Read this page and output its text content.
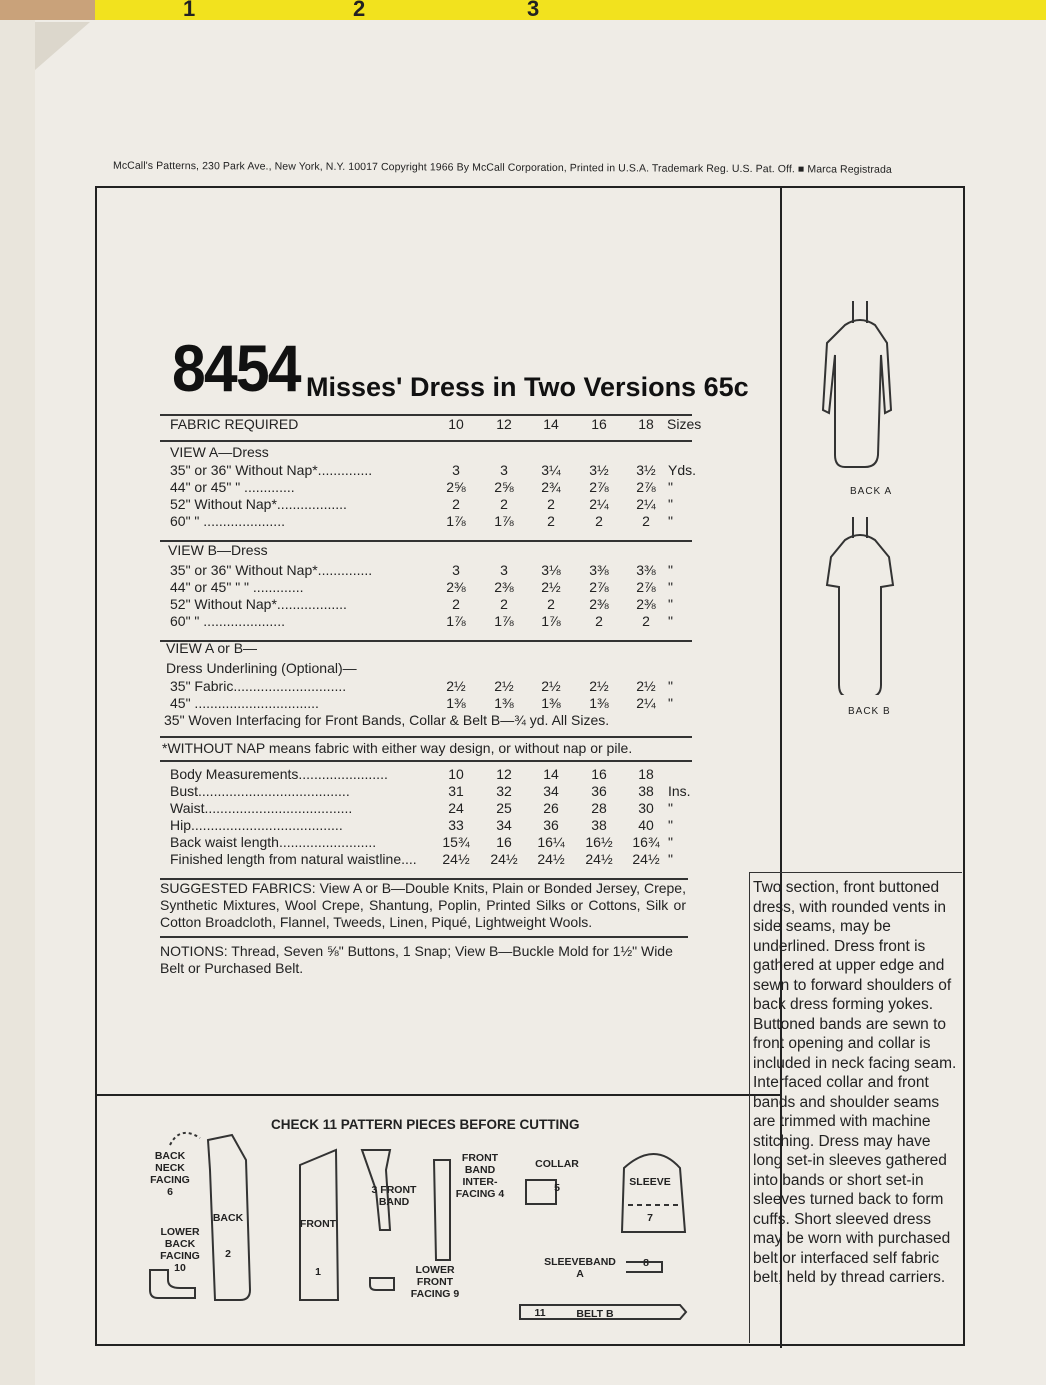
1	2	3
McCall's Patterns, 230 Park Ave., New York, N.Y. 10017 Copyright 1966 By McCall Corporation, Printed in U.S.A. Trademark Reg. U.S. Pat. Off. ■ Marca Registrada
8454 Misses' Dress in Two Versions 65c
FABRIC REQUIRED	10	12	14	16	18 Sizes
VIEW A—Dress
35" or 36" Without Nap*..............	3	3	3¼	3½	3½ Yds.
44" or 45" " .............	2⅝	2⅝	2¾	2⅞	2⅞ "
52" Without Nap*..................	2	2	2	2¼	2¼ "
60" " .....................	1⅞	1⅞	2	2	2	"
VIEW B—Dress
35" or 36" Without Nap*..............	3	3	3⅛	3⅜	3⅜ "
44" or 45" " " .............	2⅜	2⅜	2½	2⅞	2⅞ "
52" Without Nap*..................	2	2	2	2⅜	2⅜ "
60" " .....................	1⅞	1⅞	1⅞	2	2	"
VIEW A or B—
Dress Underlining (Optional)—
35" Fabric.............................	2½	2½	2½	2½	2½ "
45" ................................	1⅜	1⅜	1⅜	1⅜	2¼ "
35" Woven Interfacing for Front Bands, Collar & Belt B—¾ yd. All Sizes.
Body Measurements.......................	10	12	14	16	18
Bust.......................................	31	32	34	36	38	Ins.
Waist......................................	24	25	26	28	30	"
Hip.......................................	33	34	36	38	40	"
Back waist length.........................	15¾	16	16¼	16½	16¾ "
Finished length from natural waistline....	24½	24½	24½	24½	24½ "
*WITHOUT NAP means fabric with either way design, or without nap or pile.
SUGGESTED FABRICS: View A or B—Double Knits, Plain or Bonded Jersey, Crepe, Synthetic Mixtures, Wool Crepe, Shantung, Poplin, Printed Silks or Cottons, Silk or Cotton Broadcloth, Flannel, Tweeds, Linen, Piqué, Lightweight Wools.
NOTIONS: Thread, Seven ⅝" Buttons, 1 Snap; View B—Buckle Mold for 1½" Wide Belt or Purchased Belt.
BACK A
BACK B
Two section, front buttoned dress, with rounded vents in side seams, may be underlined. Dress front is gathered at upper edge and sewn to forward shoulders of back dress forming yokes. Buttoned bands are sewn to front opening and collar is included in neck facing seam. Interfaced collar and front bands and shoulder seams are trimmed with machine stitching. Dress may have long set-in sleeves gathered into bands or short set-in sleeves turned back to form cuffs. Short sleeved dress may be worn with purchased belt or interfaced self fabric belt, held by thread carriers.
CHECK 11 PATTERN PIECES BEFORE CUTTING
BACK NECK FACING
6
BACK

2
LOWER BACK FACING 10
FRONT

1
3 FRONT BAND
FRONT BAND INTER-FACING 4
LOWER FRONT FACING 9
COLLAR

5	SLEEVE

7
SLEEVEBAND A
8
11	BELT B
